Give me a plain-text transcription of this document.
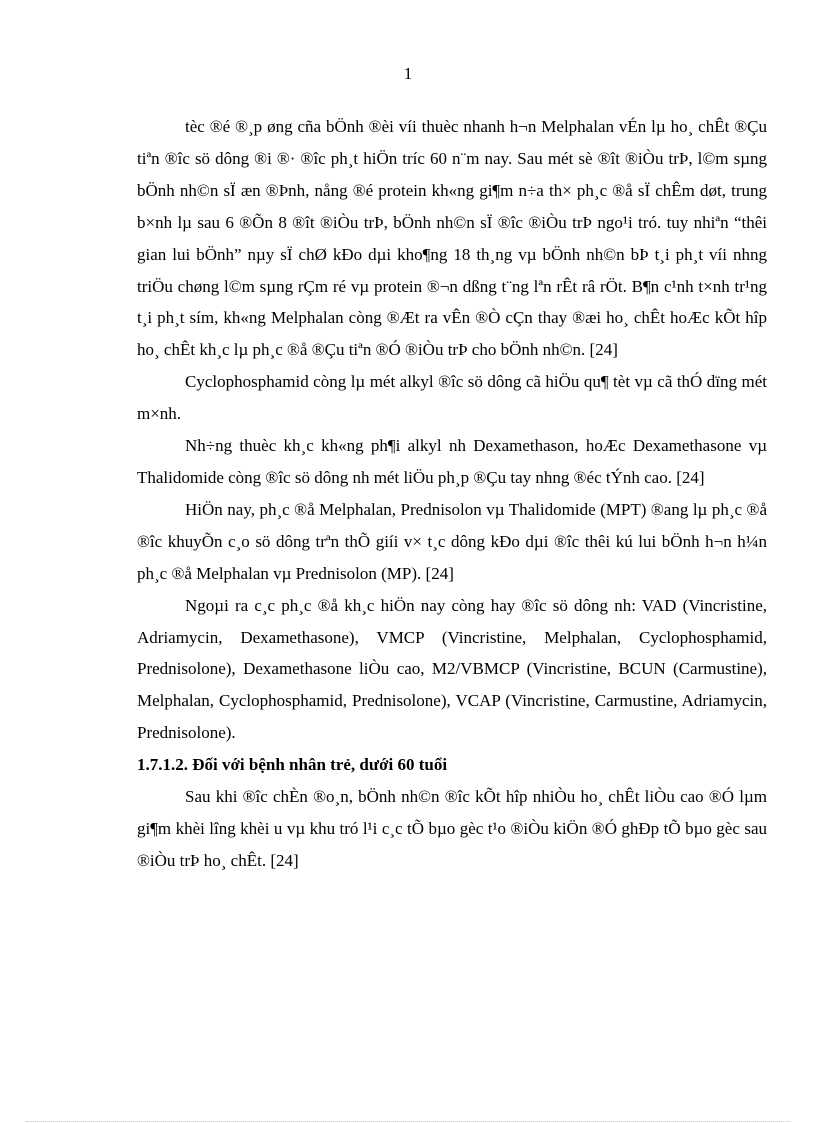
1

tèc ®é ®¸p øng cña bÖnh ®èi víi thuèc nhanh h¬n Melphalan vÉn lµ ho¸ chÊt ®Çu tiªn ®îc sö dông ®i ®· ®îc ph¸t hiÖn tríc 60 n¨m nay. Sau mét sè ®ît ®iÒu trÞ, l©m sµng bÖnh nh©n sÏ æn ®Þnh, nång ®é protein kh«ng gi¶m n÷a th× ph¸c ®å sÏ chÊm døt, trung b×nh lµ sau 6 ®Õn 8 ®ît ®iÒu trÞ, bÖnh nh©n sÏ ®îc ®iÒu trÞ ngo¹i tró. tuy nhiªn “thêi gian lui bÖnh” nµy sÏ chØ kÐo dµi kho¶ng 18 th¸ng vµ bÖnh nh©n bÞ t¸i ph¸t víi nhng triÖu chøng l©m sµng rÇm ré vµ protein ®¬n dßng t¨ng lªn rÊt râ rÖt. B¶n c¹nh t×nh tr¹ng t¸i ph¸t sím, kh«ng Melphalan còng ®Æt ra vÊn ®Ò cÇn thay ®æi ho¸ chÊt hoÆc kÕt hîp ho¸ chÊt kh¸c lµ ph¸c ®å ®Çu tiªn ®Ó ®iÒu trÞ cho bÖnh nh©n. [24]

Cyclophosphamid còng lµ mét alkyl ®îc sö dông cã hiÖu qu¶ tèt vµ cã thÓ dïng mét m×nh.

Nh÷ng thuèc kh¸c kh«ng ph¶i alkyl nh Dexamethason, hoÆc Dexamethasone vµ Thalidomide còng ®îc sö dông nh mét liÖu ph¸p ®Çu tay nhng ®éc tÝnh cao. [24]

HiÖn nay, ph¸c ®å Melphalan, Prednisolon vµ Thalidomide (MPT) ®ang lµ ph¸c ®å ®îc khuyÕn c¸o sö dông trªn thÕ giíi v× t¸c dông kÐo dµi ®îc thêi kú lui bÖnh h¬n h¼n ph¸c ®å Melphalan vµ Prednisolon (MP). [24]

Ngoµi ra c¸c ph¸c ®å kh¸c hiÖn nay còng hay ®îc sö dông nh: VAD (Vincristine, Adriamycin, Dexamethasone), VMCP (Vincristine, Melphalan, Cyclophosphamid, Prednisolone), Dexamethasone liÒu cao, M2/VBMCP (Vincristine, BCUN (Carmustine), Melphalan, Cyclophosphamid, Prednisolone), VCAP (Vincristine, Carmustine, Adriamycin, Prednisolone).

1.7.1.2. Đối với bệnh nhân trẻ, dưới 60 tuổi

Sau khi ®îc chÈn ®o¸n, bÖnh nh©n ®îc kÕt hîp nhiÒu ho¸ chÊt liÒu cao ®Ó lµm gi¶m khèi lîng khèi u vµ khu tró l¹i c¸c tÕ bµo gèc t¹o ®iÒu kiÖn ®Ó ghÐp tÕ bµo gèc sau ®iÒu trÞ ho¸ chÊt. [24]
